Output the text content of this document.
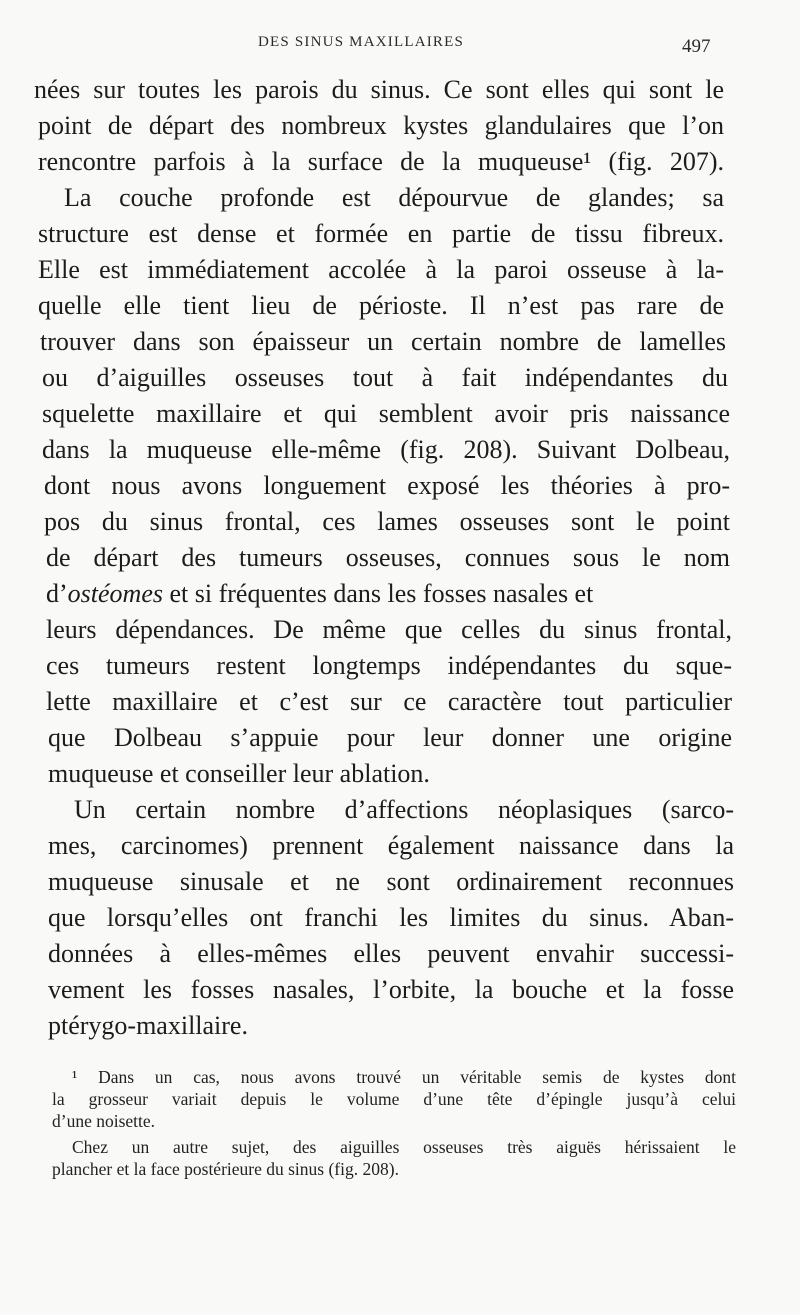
DES SINUS MAXILLAIRES	497
nées sur toutes les parois du sinus. Ce sont elles qui sont le
point de départ des nombreux kystes glandulaires que l’on
rencontre parfois à la surface de la muqueuse¹ (fig. 207).
La couche profonde est dépourvue de glandes; sa
structure est dense et formée en partie de tissu fibreux.
Elle est immédiatement accolée à la paroi osseuse à la-
quelle elle tient lieu de périoste. Il n’est pas rare de
trouver dans son épaisseur un certain nombre de lamelles
ou d’aiguilles osseuses tout à fait indépendantes du
squelette maxillaire et qui semblent avoir pris naissance
dans la muqueuse elle-même (fig. 208). Suivant Dolbeau,
dont nous avons longuement exposé les théories à pro-
pos du sinus frontal, ces lames osseuses sont le point
de départ des tumeurs osseuses, connues sous le nom
d’ostéomes et si fréquentes dans les fosses nasales et
leurs dépendances. De même que celles du sinus frontal,
ces tumeurs restent longtemps indépendantes du sque-
lette maxillaire et c’est sur ce caractère tout particulier
que Dolbeau s’appuie pour leur donner une origine
muqueuse et conseiller leur ablation.
Un certain nombre d’affections néoplasiques (sarco-
mes, carcinomes) prennent également naissance dans la
muqueuse sinusale et ne sont ordinairement reconnues
que lorsqu’elles ont franchi les limites du sinus. Aban-
données à elles-mêmes elles peuvent envahir successi-
vement les fosses nasales, l’orbite, la bouche et la fosse
ptérygo-maxillaire.
¹ Dans un cas, nous avons trouvé un véritable semis de kystes dont
la grosseur variait depuis le volume d’une tête d’épingle jusqu’à celui
d’une noisette.
Chez un autre sujet, des aiguilles osseuses très aiguës hérissaient le
plancher et la face postérieure du sinus (fig. 208).
